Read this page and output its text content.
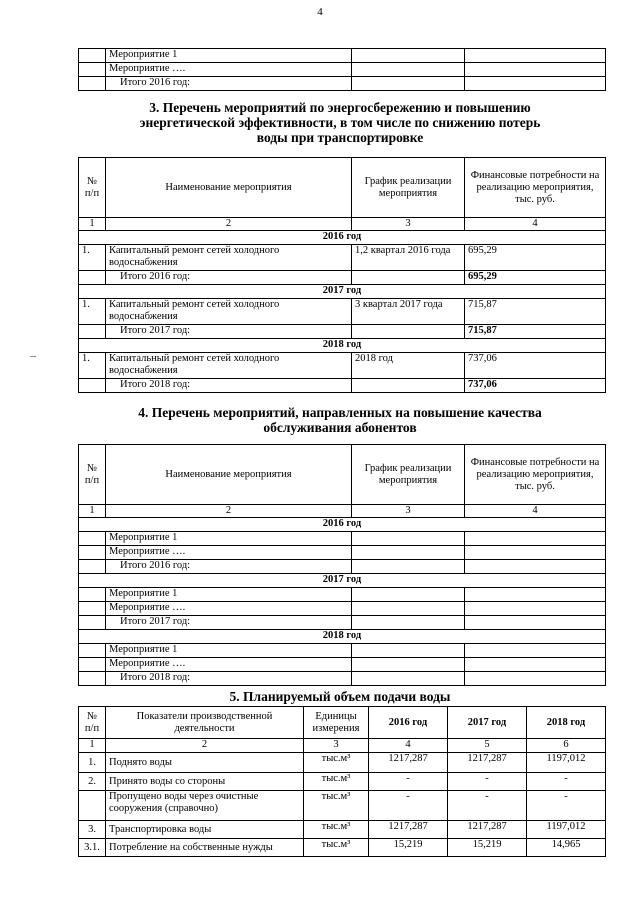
4
	Мероприятие 1		
	Мероприятие ….		
	Итого 2016 год:		
3. Перечень мероприятий по энергосбережению и повышению
энергетической эффективности, в том числе по снижению потерь
воды при транспортировке
№ п/п	Наименование мероприятия	График реализации мероприятия	Финансовые потребности на реализацию мероприятия, тыс. руб.
1	2	3	4
2016 год			
1.	Капитальный ремонт сетей холодного водоснабжения	1,2 квартал 2016 года	695,29
	Итого 2016 год:		695,29
2017 год			
1.	Капитальный ремонт сетей холодного водоснабжения	3 квартал 2017 года	715,87
	Итого 2017 год:		715,87
2018 год			
1.	Капитальный ремонт сетей холодного водоснабжения	2018 год	737,06
	Итого 2018 год:		737,06
4. Перечень мероприятий, направленных на повышение качества
обслуживания абонентов
№ п/п	Наименование мероприятия	График реализации мероприятия	Финансовые потребности на реализацию мероприятия, тыс. руб.
1	2	3	4
2016 год			
	Мероприятие 1		
	Мероприятие ….		
	Итого 2016 год:		
2017 год			
	Мероприятие 1		
	Мероприятие ….		
	Итого 2017 год:		
2018 год			
	Мероприятие 1		
	Мероприятие ….		
	Итого 2018 год:		
5. Планируемый объем подачи воды
№ п/п	Показатели производственной деятельности	Единицы измерения	2016 год	2017 год	2018 год
1	2	3	4	5	6
1.	Поднято воды	тыс.м³	1217,287	1217,287	1197,012
2.	Принято воды со стороны	тыс.м³	-	-	-
	Пропущено воды через очистные сооружения (справочно)	тыс.м³	-	-	-
3.	Транспортировка воды	тыс.м³	1217,287	1217,287	1197,012
3.1.	Потребление на собственные нужды	тыс.м³	15,219	15,219	14,965
